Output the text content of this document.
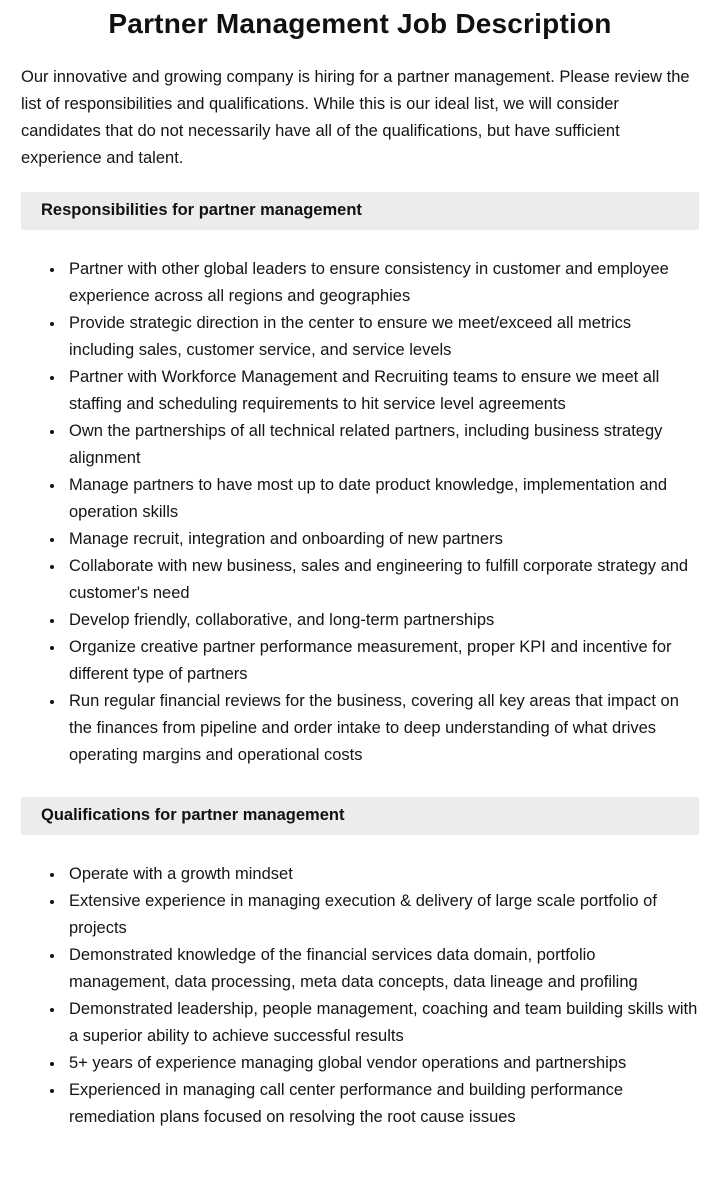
Partner Management Job Description

Our innovative and growing company is hiring for a partner management. Please review the list of responsibilities and qualifications. While this is our ideal list, we will consider candidates that do not necessarily have all of the qualifications, but have sufficient experience and talent.

Responsibilities for partner management
• Partner with other global leaders to ensure consistency in customer and employee experience across all regions and geographies
• Provide strategic direction in the center to ensure we meet/exceed all metrics including sales, customer service, and service levels
• Partner with Workforce Management and Recruiting teams to ensure we meet all staffing and scheduling requirements to hit service level agreements
• Own the partnerships of all technical related partners, including business strategy alignment
• Manage partners to have most up to date product knowledge, implementation and operation skills
• Manage recruit, integration and onboarding of new partners
• Collaborate with new business, sales and engineering to fulfill corporate strategy and customer's need
• Develop friendly, collaborative, and long-term partnerships
• Organize creative partner performance measurement, proper KPI and incentive for different type of partners
• Run regular financial reviews for the business, covering all key areas that impact on the finances from pipeline and order intake to deep understanding of what drives operating margins and operational costs
Qualifications for partner management
• Operate with a growth mindset
• Extensive experience in managing execution & delivery of large scale portfolio of projects
• Demonstrated knowledge of the financial services data domain, portfolio management, data processing, meta data concepts, data lineage and profiling
• Demonstrated leadership, people management, coaching and team building skills with a superior ability to achieve successful results
• 5+ years of experience managing global vendor operations and partnerships
• Experienced in managing call center performance and building performance remediation plans focused on resolving the root cause issues
